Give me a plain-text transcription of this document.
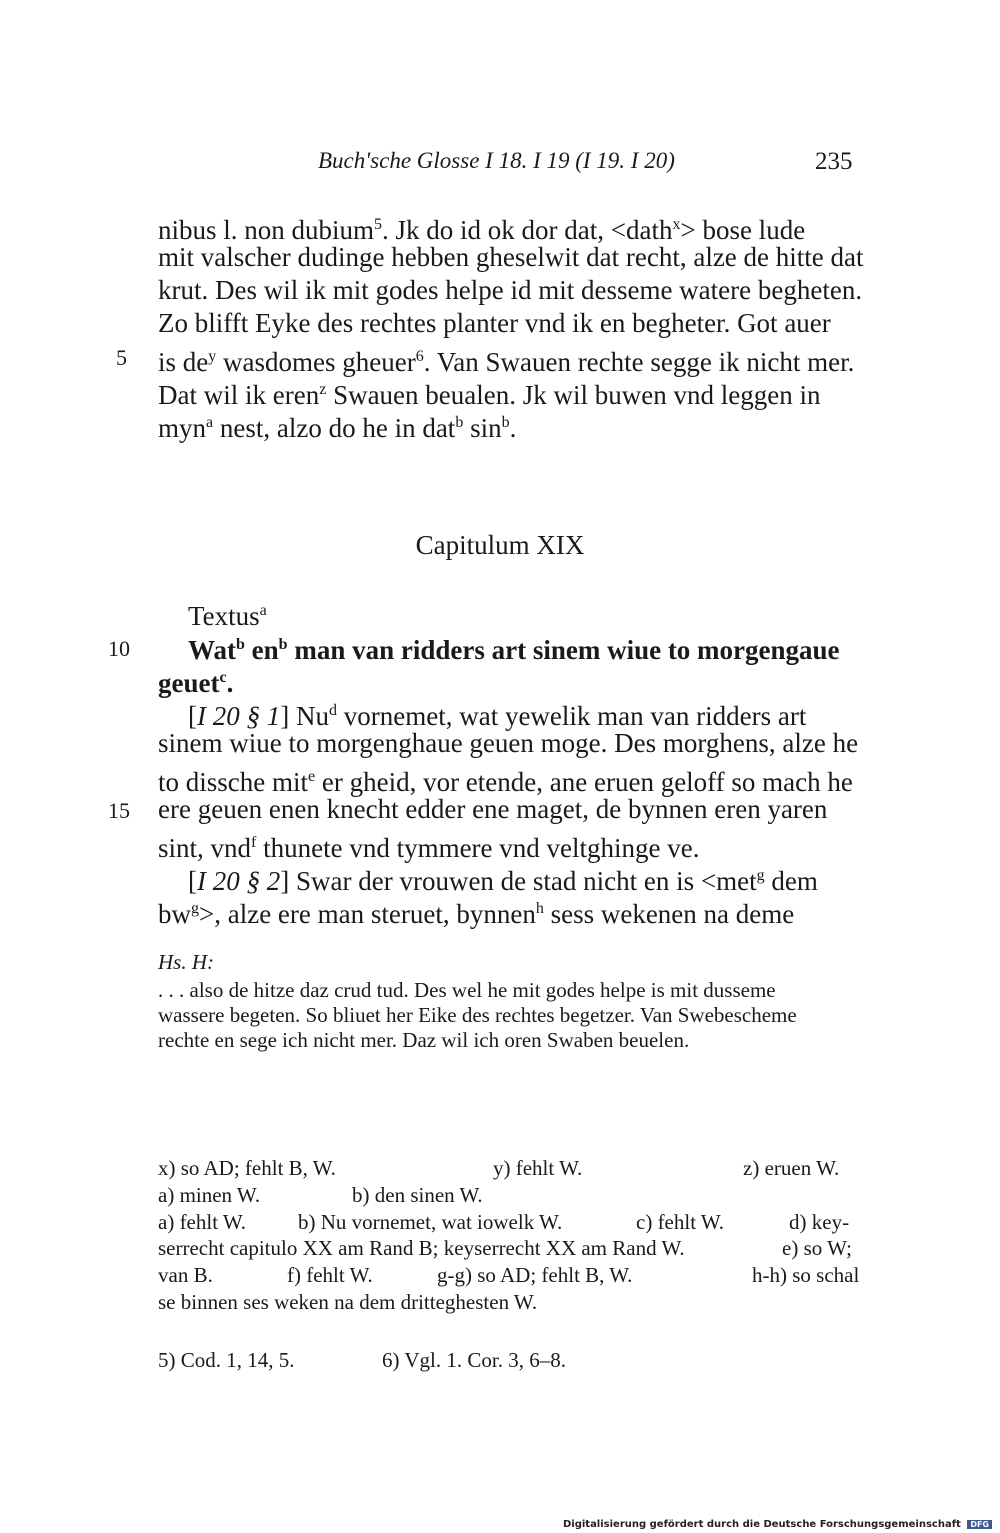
Buch'sche Glosse I 18. I 19 (I 19. I 20)	235
nibus l. non dubium$^5$. Jk do id ok dor dat, <dath$^x$> bose lude
mit valscher dudinge hebben gheselwit dat recht, alze de hitte dat
krut. Des wil ik mit godes helpe id mit desseme watere begheten.
Zo blifft Eyke des rechtes planter vnd ik en begheter. Got auer
5 is $de^y$ wasdomes gheuer$^6$. Van Swauen rechte segge ik nicht mer.
Dat wil ik eren$^z$ Swauen beualen. Jk wil buwen vnd leggen in
myn$^a$ nest, alzo do he in dat$^b$ $\sin^b$.
Capitulum XIX
Textus$^a$
10 Wat$^b$ $en^b$ man van ridders art sinem wiue to morgengaue
geuet$^c$.
[I 20 § 1] Nu$^d$ vornemet, wat yewelik man van ridders art
sinem wiue to morgenghaue geuen moge. Des morghens, alze he
to dissche mit$^e$ er gheid, vor etende, ane eruen geloff so mach he
15 ere geuen enen knecht edder ene maget, de bynnen eren yaren
sint, vnd$^f$ thunete vnd tymmere vnd veltghinge ve.
[I 20 § 2] Swar der vrouwen de stad nicht en is <met$^g$ dem
$bw^g>$, alze ere man steruet, bynnen$^h$ sess wekenen na deme
Hs. H:
. . . also de hitze daz crud tud. Des wel he mit godes helpe is mit dusseme
wassere begeten. So bliuet her Eike des rechtes begetzer. Van Swebescheme
rechte en sege ich nicht mer. Daz wil ich oren Swaben beuelen.
x) so AD; fehlt B, W.	y) fehlt W.	z) eruen W.
a) minen W.	b) den sinen W.
a) fehlt W. b) Nu vornemet, wat iowelk W.	c) fehlt W.	d) key-
serrecht capitulo XX am Rand B; keyserrecht XX am Rand W.	e) so W;
van B.	f) fehlt W.	g-g) so AD; fehlt B, W.	h-h) so schal
se binnen ses weken na dem dritteghesten W.
5) Cod. 1, 14, 5.	6) Vgl. 1. Cor. 3, 6–8.
Digitalisierung gefördert durch die Deutsche Forschungsgemeinschaft DFG
